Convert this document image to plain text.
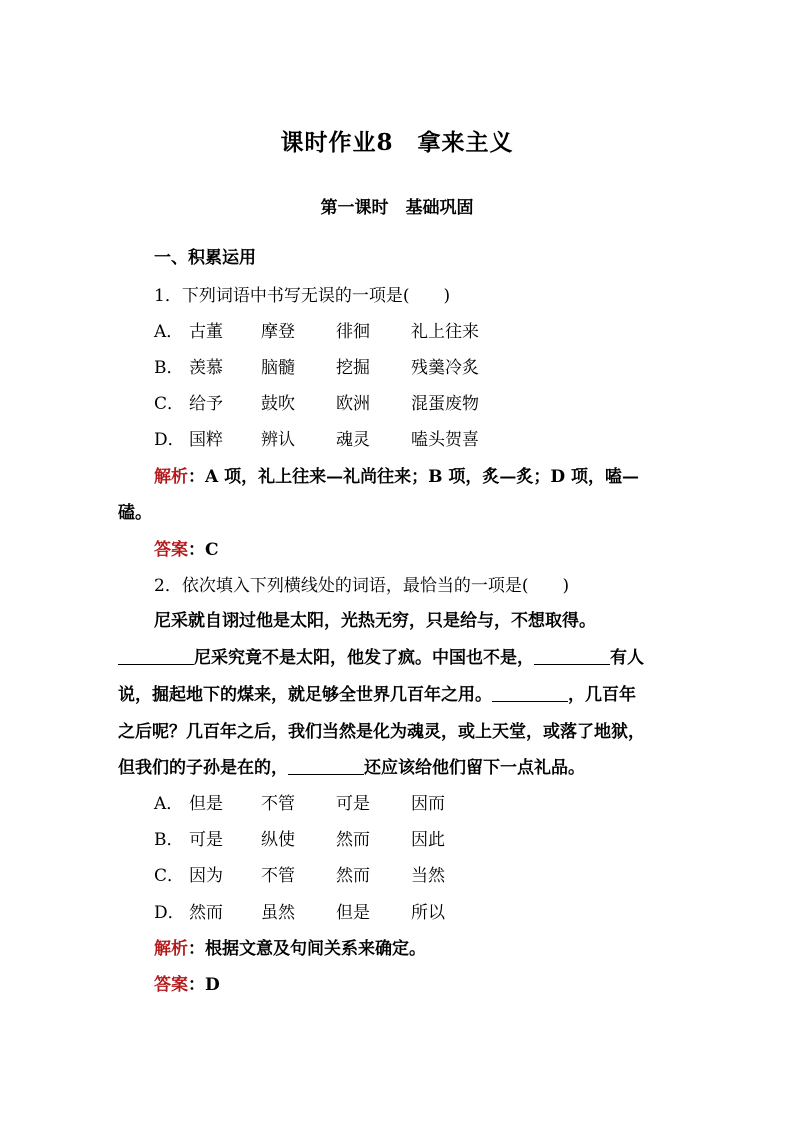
课时作业8　拿来主义
第一课时　基础巩固
一、积累运用
1．下列词语中书写无误的一项是(　　)
A． 古董 摩登 徘徊 礼上往来
B． 羡慕 脑髓 挖掘 残羹冷炙
C． 给予 鼓吹 欧洲 混蛋废物
D． 国粹 辨认 魂灵 嗑头贺喜
解析：A 项，礼上往来—礼尚往来；B 项，炙—炙；D 项，嗑—
磕。
答案：C
2．依次填入下列横线处的词语，最恰当的一项是(　　)
尼采就自诩过他是太阳，光热无穷，只是给与，不想取得。
尼采究竟不是太阳，他发了疯。中国也不是，	有人
说，掘起地下的煤来，就足够全世界几百年之用。	，几百年
之后呢？几百年之后，我们当然是化为魂灵，或上天堂，或落了地狱，
但我们的子孙是在的，	还应该给他们留下一点礼品。
A． 但是 不管 可是 因而
B． 可是 纵使 然而 因此
C． 因为 不管 然而 当然
D． 然而 虽然 但是 所以
解析：根据文意及句间关系来确定。
答案：D
